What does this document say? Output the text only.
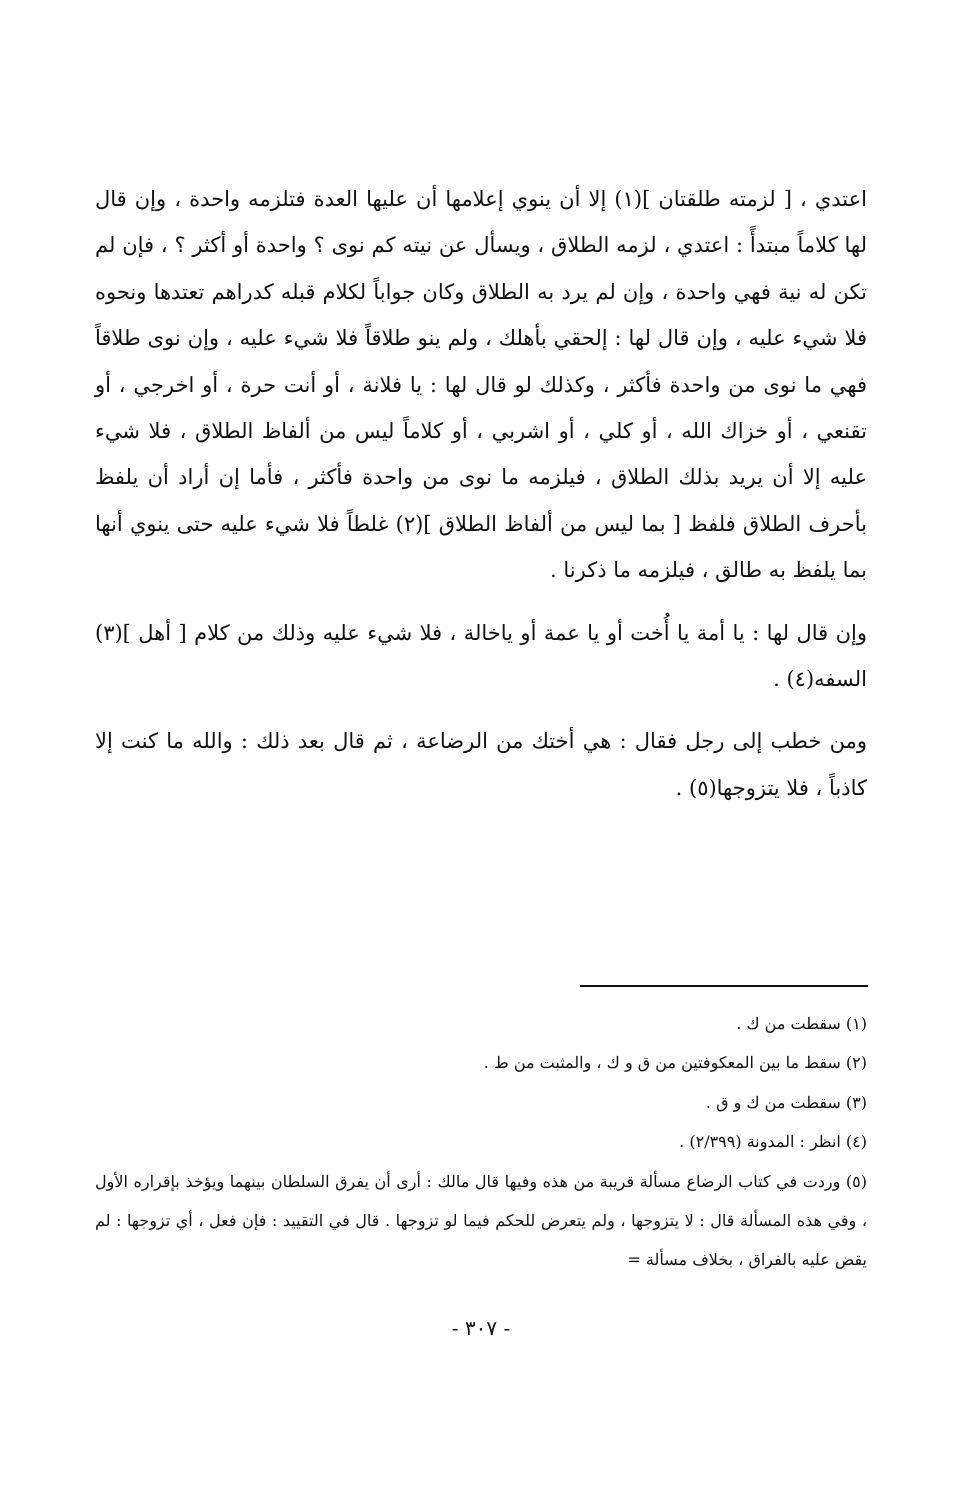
اعتدي ، [ لزمته طلقتان ](١) إلا أن ينوي إعلامها أن عليها العدة فتلزمه واحدة ، وإن قال لها كلاماً مبتدأً : اعتدي ، لزمه الطلاق ، ويسأل عن نيته كم نوى ؟ واحدة أو أكثر ؟ ، فإن لم تكن له نية فهي واحدة ، وإن لم يرد به الطلاق وكان جواباً لكلام قبله كدراهم تعتدها ونحوه فلا شيء عليه ، وإن قال لها : إلحقي بأهلك ، ولم ينو طلاقاً فلا شيء عليه ، وإن نوى طلاقاً فهي ما نوى من واحدة فأكثر ، وكذلك لو قال لها : يا فلانة ، أو أنت حرة ، أو اخرجي ، أو تقنعي ، أو خزاك الله ، أو كلي ، أو اشربي ، أو كلاماً ليس من ألفاظ الطلاق ، فلا شيء عليه إلا أن يريد بذلك الطلاق ، فيلزمه ما نوى من واحدة فأكثر ، فأما إن أراد أن يلفظ بأحرف الطلاق فلفظ [ بما ليس من ألفاظ الطلاق ](٢) غلطاً فلا شيء عليه حتى ينوي أنها بما يلفظ به طالق ، فيلزمه ما ذكرنا .

وإن قال لها : يا أمة يا أُخت أو يا عمة أو ياخالة ، فلا شيء عليه وذلك من كلام [ أهل ](٣) السفه(٤) .

ومن خطب إلى رجل فقال : هي أختك من الرضاعة ، ثم قال بعد ذلك : والله ما كنت إلا كاذباً ، فلا يتزوجها(٥) .

(١) سقطت من ك .

(٢) سقط ما بين المعكوفتين من ق و ك ، والمثبت من ط .

(٣) سقطت من ك و ق .

(٤) انظر : المدونة (٢/٣٩٩) .

(٥) وردت في كتاب الرضاع مسألة قريبة من هذه وفيها قال مالك : أرى أن يفرق السلطان بينهما ويؤخذ بإقراره الأول ، وفي هذه المسألة قال : لا يتزوجها ، ولم يتعرض للحكم فيما لو تزوجها . قال في التقييد : فإن فعل ، أي تزوجها : لم يقض عليه بالفراق ، بخلاف مسألة =

- ٣٠٧ -
